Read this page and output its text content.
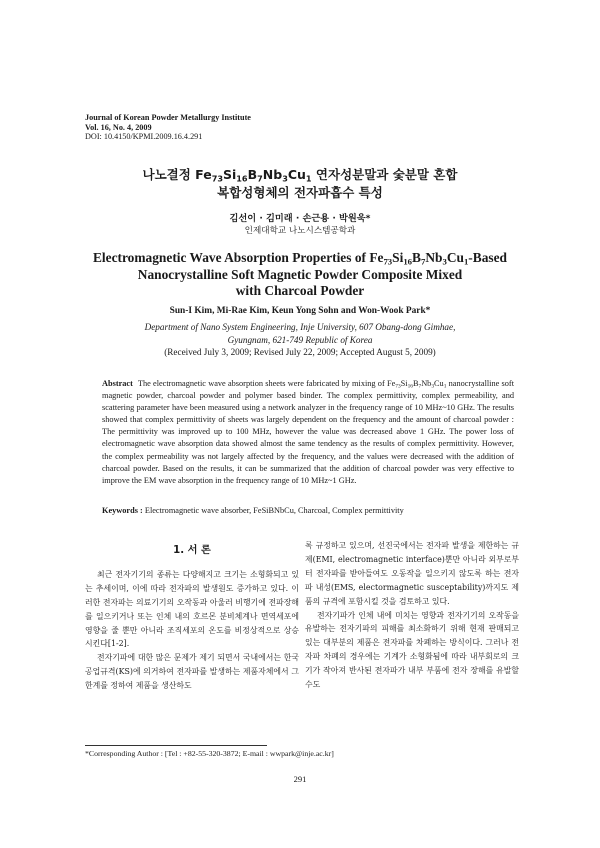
Journal of Korean Powder Metallurgy Institute
Vol. 16, No. 4, 2009
DOI: 10.4150/KPMI.2009.16.4.291
나노결정 $Fe_{73}Si_{16}B_7Nb_3Cu_1$ 연자성분말과 숯분말 혼합
복합성형체의 전자파흡수 특성
김선이 · 김미래 · 손근용 · 박원욱*
인제대학교 나노시스템공학과
Electromagnetic Wave Absorption Properties of $Fe_{73}Si_{16}B_7Nb_3Cu_1$-Based
Nanocrystalline Soft Magnetic Powder Composite Mixed
with Charcoal Powder
Sun-I Kim, Mi-Rae Kim, Keun Yong Sohn and Won-Wook Park*
Department of Nano System Engineering, Inje University, 607 Obang-dong Gimhae,
Gyungnam, 621-749 Republic of Korea
(Received July 3, 2009; Revised July 22, 2009; Accepted August 5, 2009)
Abstract The electromagnetic wave absorption sheets were fabricated by mixing of $Fe_{73}Si_{16}B_7Nb_3Cu_1$ nanocrystalline soft magnetic powder, charcoal powder and polymer based binder. The complex permittivity, complex permeability, and scattering parameter have been measured using a network analyzer in the frequency range of 10 MHz~10 GHz. The results showed that complex permittivity of sheets was largely dependent on the frequency and the amount of charcoal powder : The permittivity was improved up to 100 MHz, however the value was decreased above 1 GHz. The power loss of electromagnetic wave absorption data showed almost the same tendency as the results of complex permittivity. However, the complex permeability was not largely affected by the frequency, and the values were decreased with the addition of charcoal powder. Based on the results, it can be summarized that the addition of charcoal powder was very effective to improve the EM wave absorption in the frequency range of 10 MHz~1 GHz.
Keywords : Electromagnetic wave absorber, FeSiBNbCu, Charcoal, Complex permittivity
1. 서 론

최근 전자기기의 종류는 다양해지고 크기는 소형화되고 있는 추세이며, 이에 따라 전자파의 발생원도 증가하고 있다. 이러한 전자파는 의료기기의 오작동과 아울러 비행기에 전파장해를 일으키거나 또는 인체 내의 호르몬 분비체계나 면역세포에 영향을 줄 뿐만 아니라 조직세포의 온도를 비정상적으로 상승시킨다[1-2].

전자기파에 대한 많은 문제가 제기 되면서 국내에서는 한국공업규격(KS)에 의거하여 전자파를 발생하는 제품자체에서 그 한계를 정하여 제품을 생산하도

록 규정하고 있으며, 선진국에서는 전자파 발생을 제한하는 규제(EMI, electromagnetic interface)뿐만 아니라 외부로부터 전자파를 받아들여도 오동작을 일으키지 않도록 하는 전자파 내성(EMS, electormagnetic susceptability)까지도 제품의 규격에 포함시킬 것을 검토하고 있다.

전자기파가 인체 내에 미치는 영향과 전자기기의 오작동을 유발하는 전자기파의 피해를 최소화하기 위해 현재 판매되고 있는 대부분의 제품은 전자파를 차폐하는 방식이다. 그러나 전자파 차폐의 경우에는 기계가 소형화됨에 따라 내부회로의 크기가 작아져 반사된 전자파가 내부 부품에 전자 장해를 유발할 수도

*Corresponding Author : [Tel : +82-55-320-3872; E-mail : wwpark@inje.ac.kr]
291
